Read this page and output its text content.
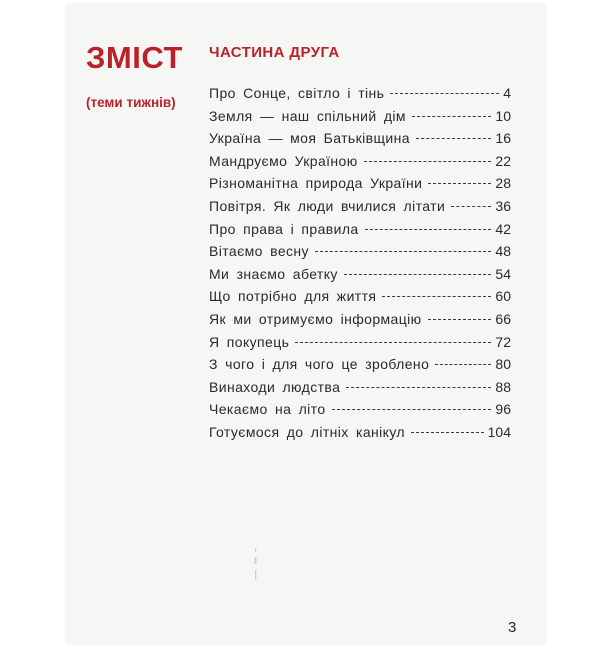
ЗМІСТ
(теми тижнів)
ЧАСТИНА ДРУГА
Про Сонце, світло і тінь	4
Земля — наш спільний дім	10
Україна — моя Батьківщина	16
Мандруємо Україною	22
Різноманітна природа України	28
Повітря. Як люди вчилися літати	36
Про права і правила	42
Вітаємо весну	48
Ми знаємо абетку	54
Що потрібно для життя	60
Як ми отримуємо інформацію	66
Я покупець	72
З чого і для чого це зроблено	80
Винаходи людства	88
Чекаємо на літо	96
Готуємося до літніх канікул	104
3
